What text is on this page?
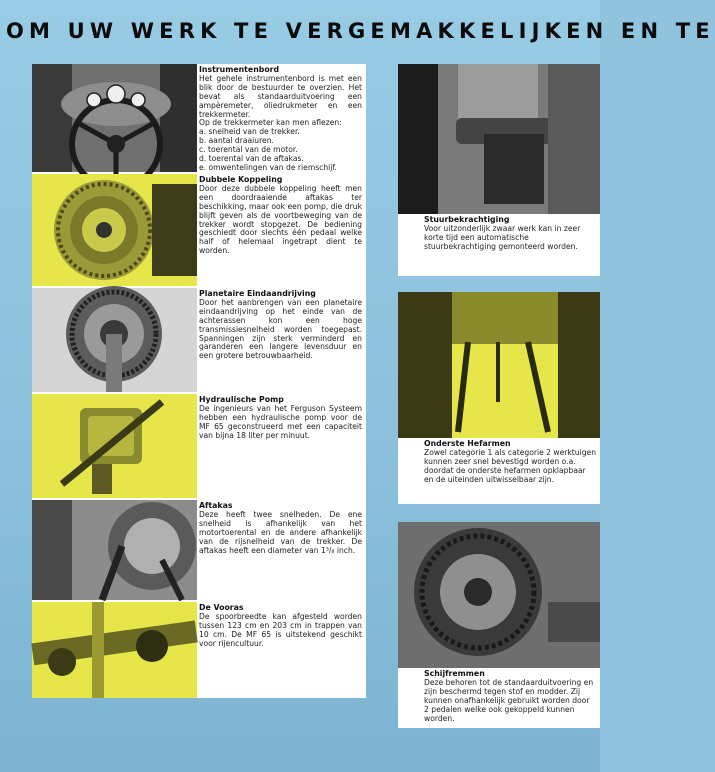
OM UW WERK TE VERGEMAKKELIJKEN EN TE
Instrumentenbord
Het gehele instrumentenbord is met een blik door de bestuurder te overzien. Het bevat als standaarduitvoering een ampèremeter, oliedrukmeter en een trekkermeter.
Op de trekkermeter kan men aflezen:
a. snelheid van de trekker.
b. aantal draaiuren.
c. toerental van de motor.
d. toerental van de aftakas.
e. omwentelingen van de riemschijf.
Dubbele Koppeling
Door deze dubbele koppeling heeft men een doordraaiende aftakas ter beschikking, maar ook een pomp, die druk blijft geven als de voortbeweging van de trekker wordt stopgezet. De bediening geschiedt door slechts één pedaal welke half of helemaal ingetrapt dient te worden.
Planetaire Eindaandrijving
Door het aanbrengen van een planetaire eindaandrijving op het einde van de achterassen kon een hoge transmissiesnelheid worden toegepast. Spanningen zijn sterk verminderd en garanderen een langere levensduur en een grotere betrouwbaarheid.
Hydraulische Pomp
De ingenieurs van het Ferguson Systeem hebben een hydraulische pomp voor de MF 65 geconstrueerd met een capaciteit van bijna 18 liter per minuut.
Aftakas
Deze heeft twee snelheden. De ene snelheid is afhankelijk van het motortoerental en de andere afhankelijk van de rijsnelheid van de trekker. De aftakas heeft een diameter van 1³/₈ inch.
De Vooras
De spoorbreedte kan afgesteld worden tussen 123 cm en 203 cm in trappen van 10 cm. De MF 65 is uitstekend geschikt voor rijencultuur.
Stuurbekrachtiging
Voor uitzonderlijk zwaar werk kan in zeer korte tijd een automatische stuurbekrachtiging gemonteerd worden.
Onderste Hefarmen
Zowel categorie 1 als categorie 2 werktuigen kunnen zeer snel bevestigd worden o.a. doordat de onderste hefarmen opklapbaar en de uiteinden uitwisselbaar zijn.
Schijfremmen
Deze behoren tot de standaarduitvoering en zijn beschermd tegen stof en modder. Zij kunnen onafhankelijk gebruikt worden door 2 pedalen welke ook gekoppeld kunnen worden.
